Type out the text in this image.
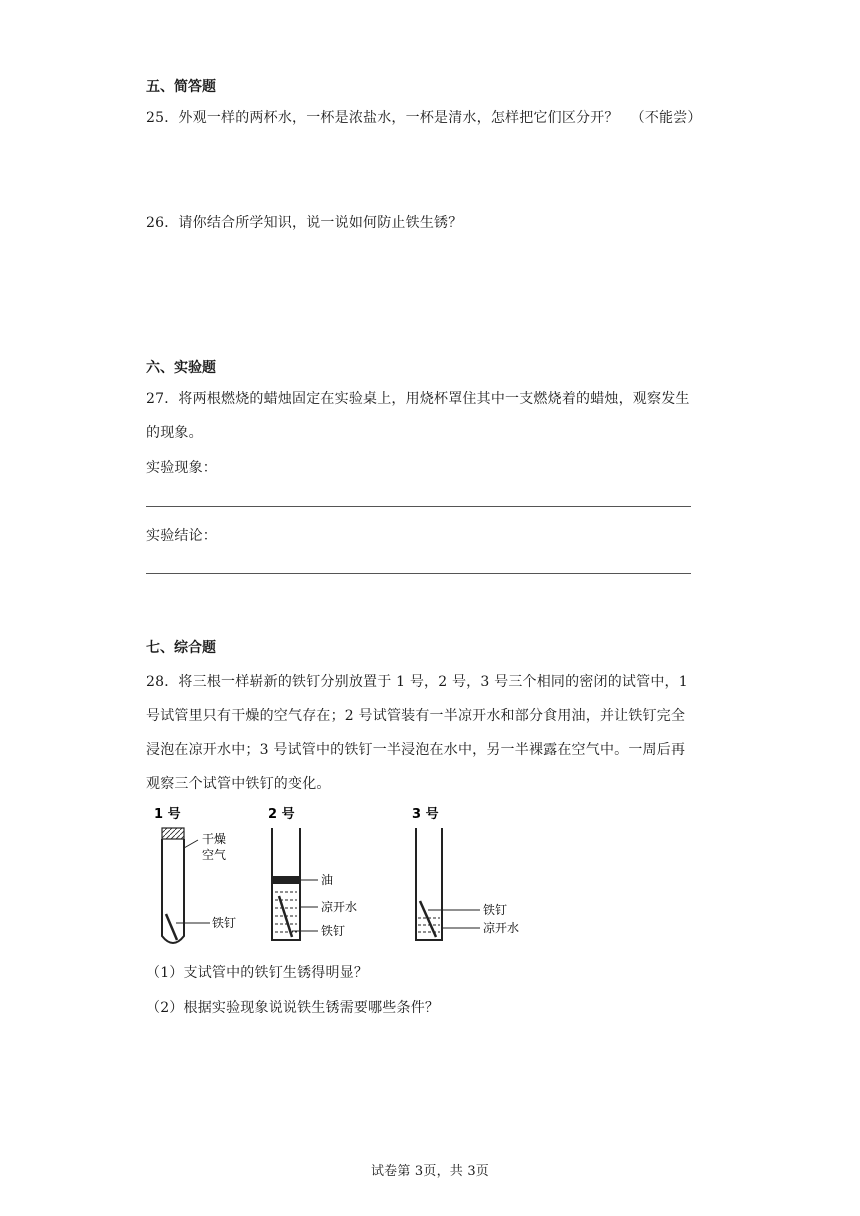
五、简答题
25．外观一样的两杯水，一杯是浓盐水，一杯是清水，怎样把它们区分开？ （不能尝）
26．请你结合所学知识，说一说如何防止铁生锈？
六、实验题
27．将两根燃烧的蜡烛固定在实验桌上，用烧杯罩住其中一支燃烧着的蜡烛，观察发生
的现象。
实验现象：
实验结论：
七、综合题
28．将三根一样崭新的铁钉分别放置于 1 号，2 号，3 号三个相同的密闭的试管中，1
号试管里只有干燥的空气存在；2 号试管装有一半凉开水和部分食用油，并让铁钉完全
浸泡在凉开水中；3 号试管中的铁钉一半浸泡在水中，另一半裸露在空气中。一周后再
观察三个试管中铁钉的变化。
1 号
干燥
空气
铁钉
2 号
油
凉开水
铁钉
3 号
铁钉
凉开水
（1）支试管中的铁钉生锈得明显？
（2）根据实验现象说说铁生锈需要哪些条件？
试卷第 3页，共 3页
